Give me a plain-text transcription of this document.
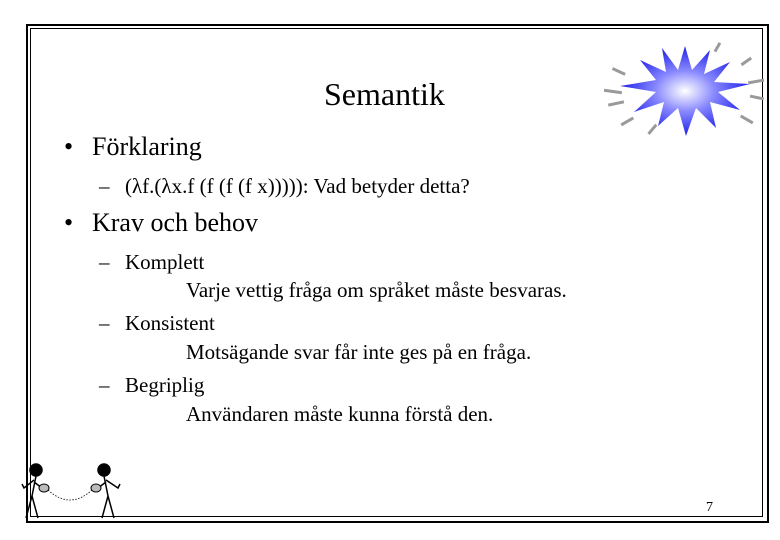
Semantik
• Förklaring
– (λf.(λx.f (f (f (f x))))): Vad betyder detta?
• Krav och behov
– Komplett
Varje vettig fråga om språket måste besvaras.
– Konsistent
Motsägande svar får inte ges på en fråga.
– Begriplig
Användaren måste kunna förstå den.
7
